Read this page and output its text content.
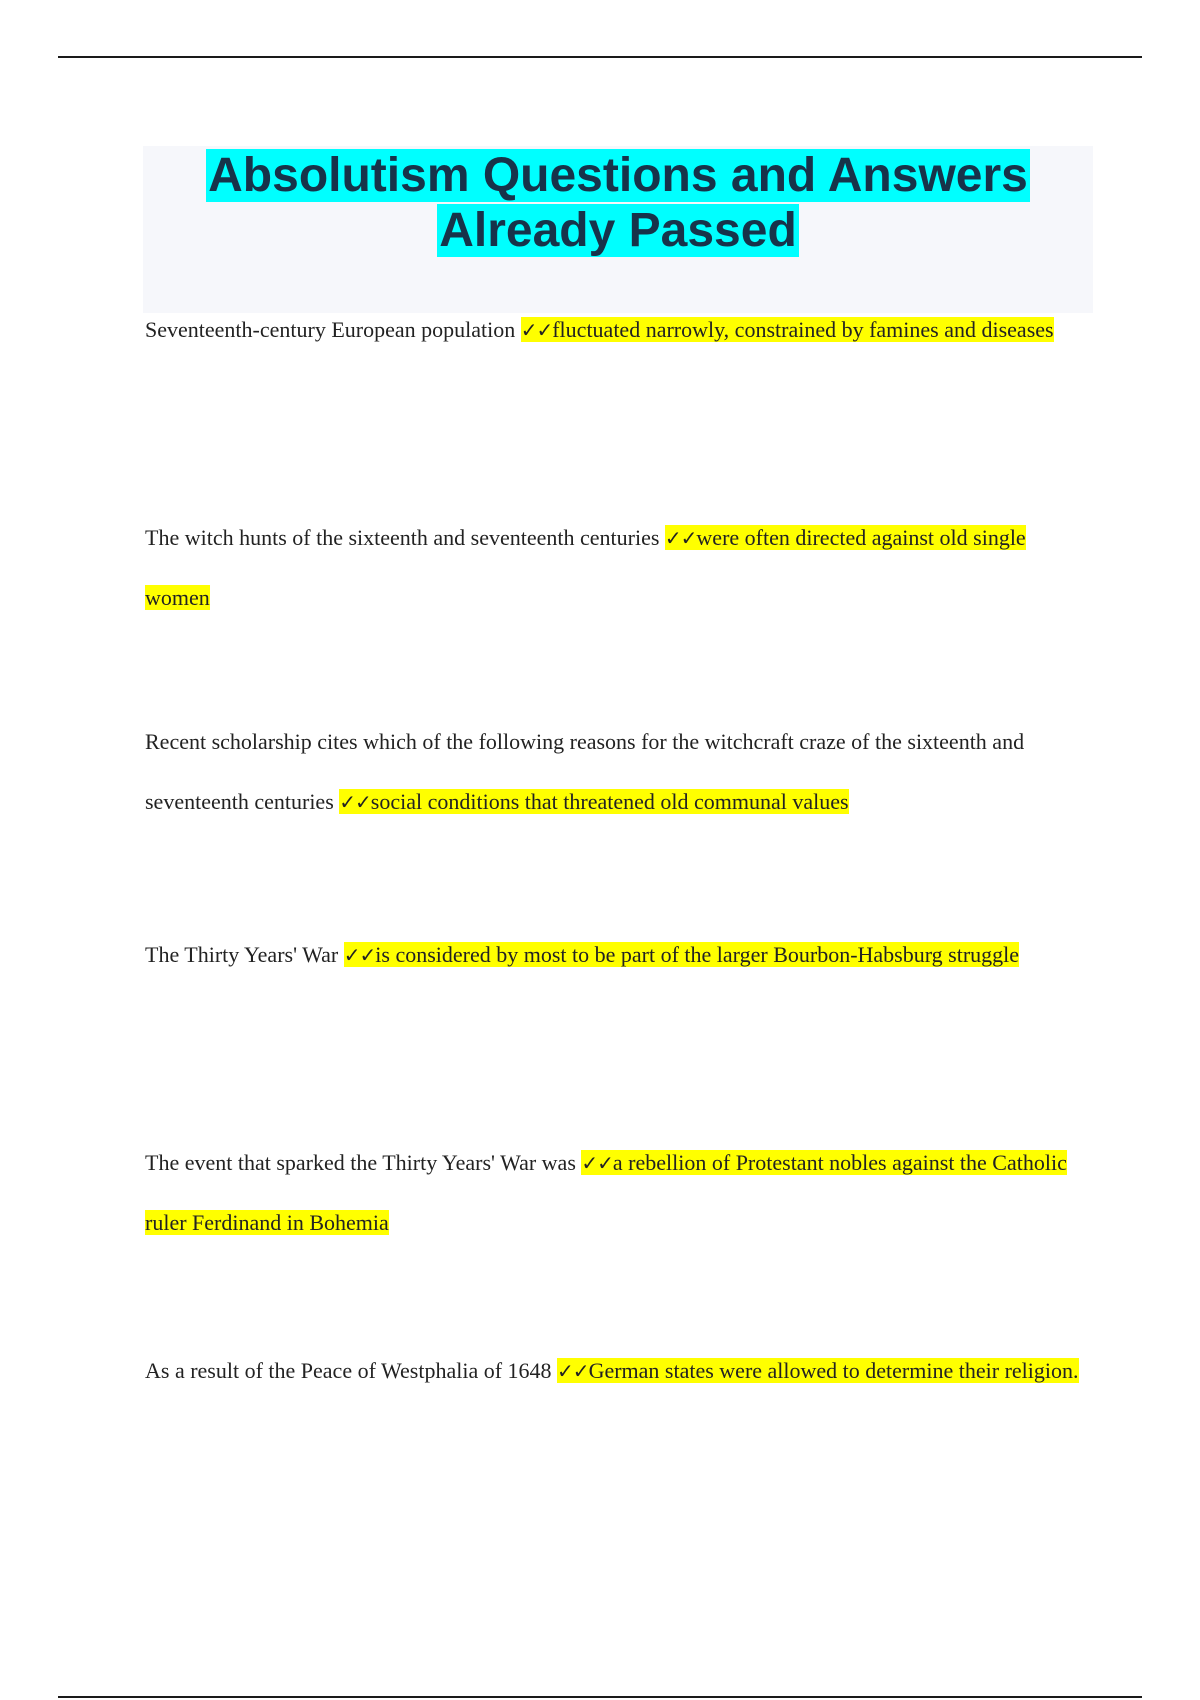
Absolutism Questions and Answers
Already Passed

Seventeenth-century European population ✓✓fluctuated narrowly, constrained by famines and diseases

The witch hunts of the sixteenth and seventeenth centuries ✓✓were often directed against old single women

Recent scholarship cites which of the following reasons for the witchcraft craze of the sixteenth and seventeenth centuries ✓✓social conditions that threatened old communal values

The Thirty Years' War ✓✓is considered by most to be part of the larger Bourbon-Habsburg struggle

The event that sparked the Thirty Years' War was ✓✓a rebellion of Protestant nobles against the Catholic ruler Ferdinand in Bohemia

As a result of the Peace of Westphalia of 1648 ✓✓German states were allowed to determine their religion.
